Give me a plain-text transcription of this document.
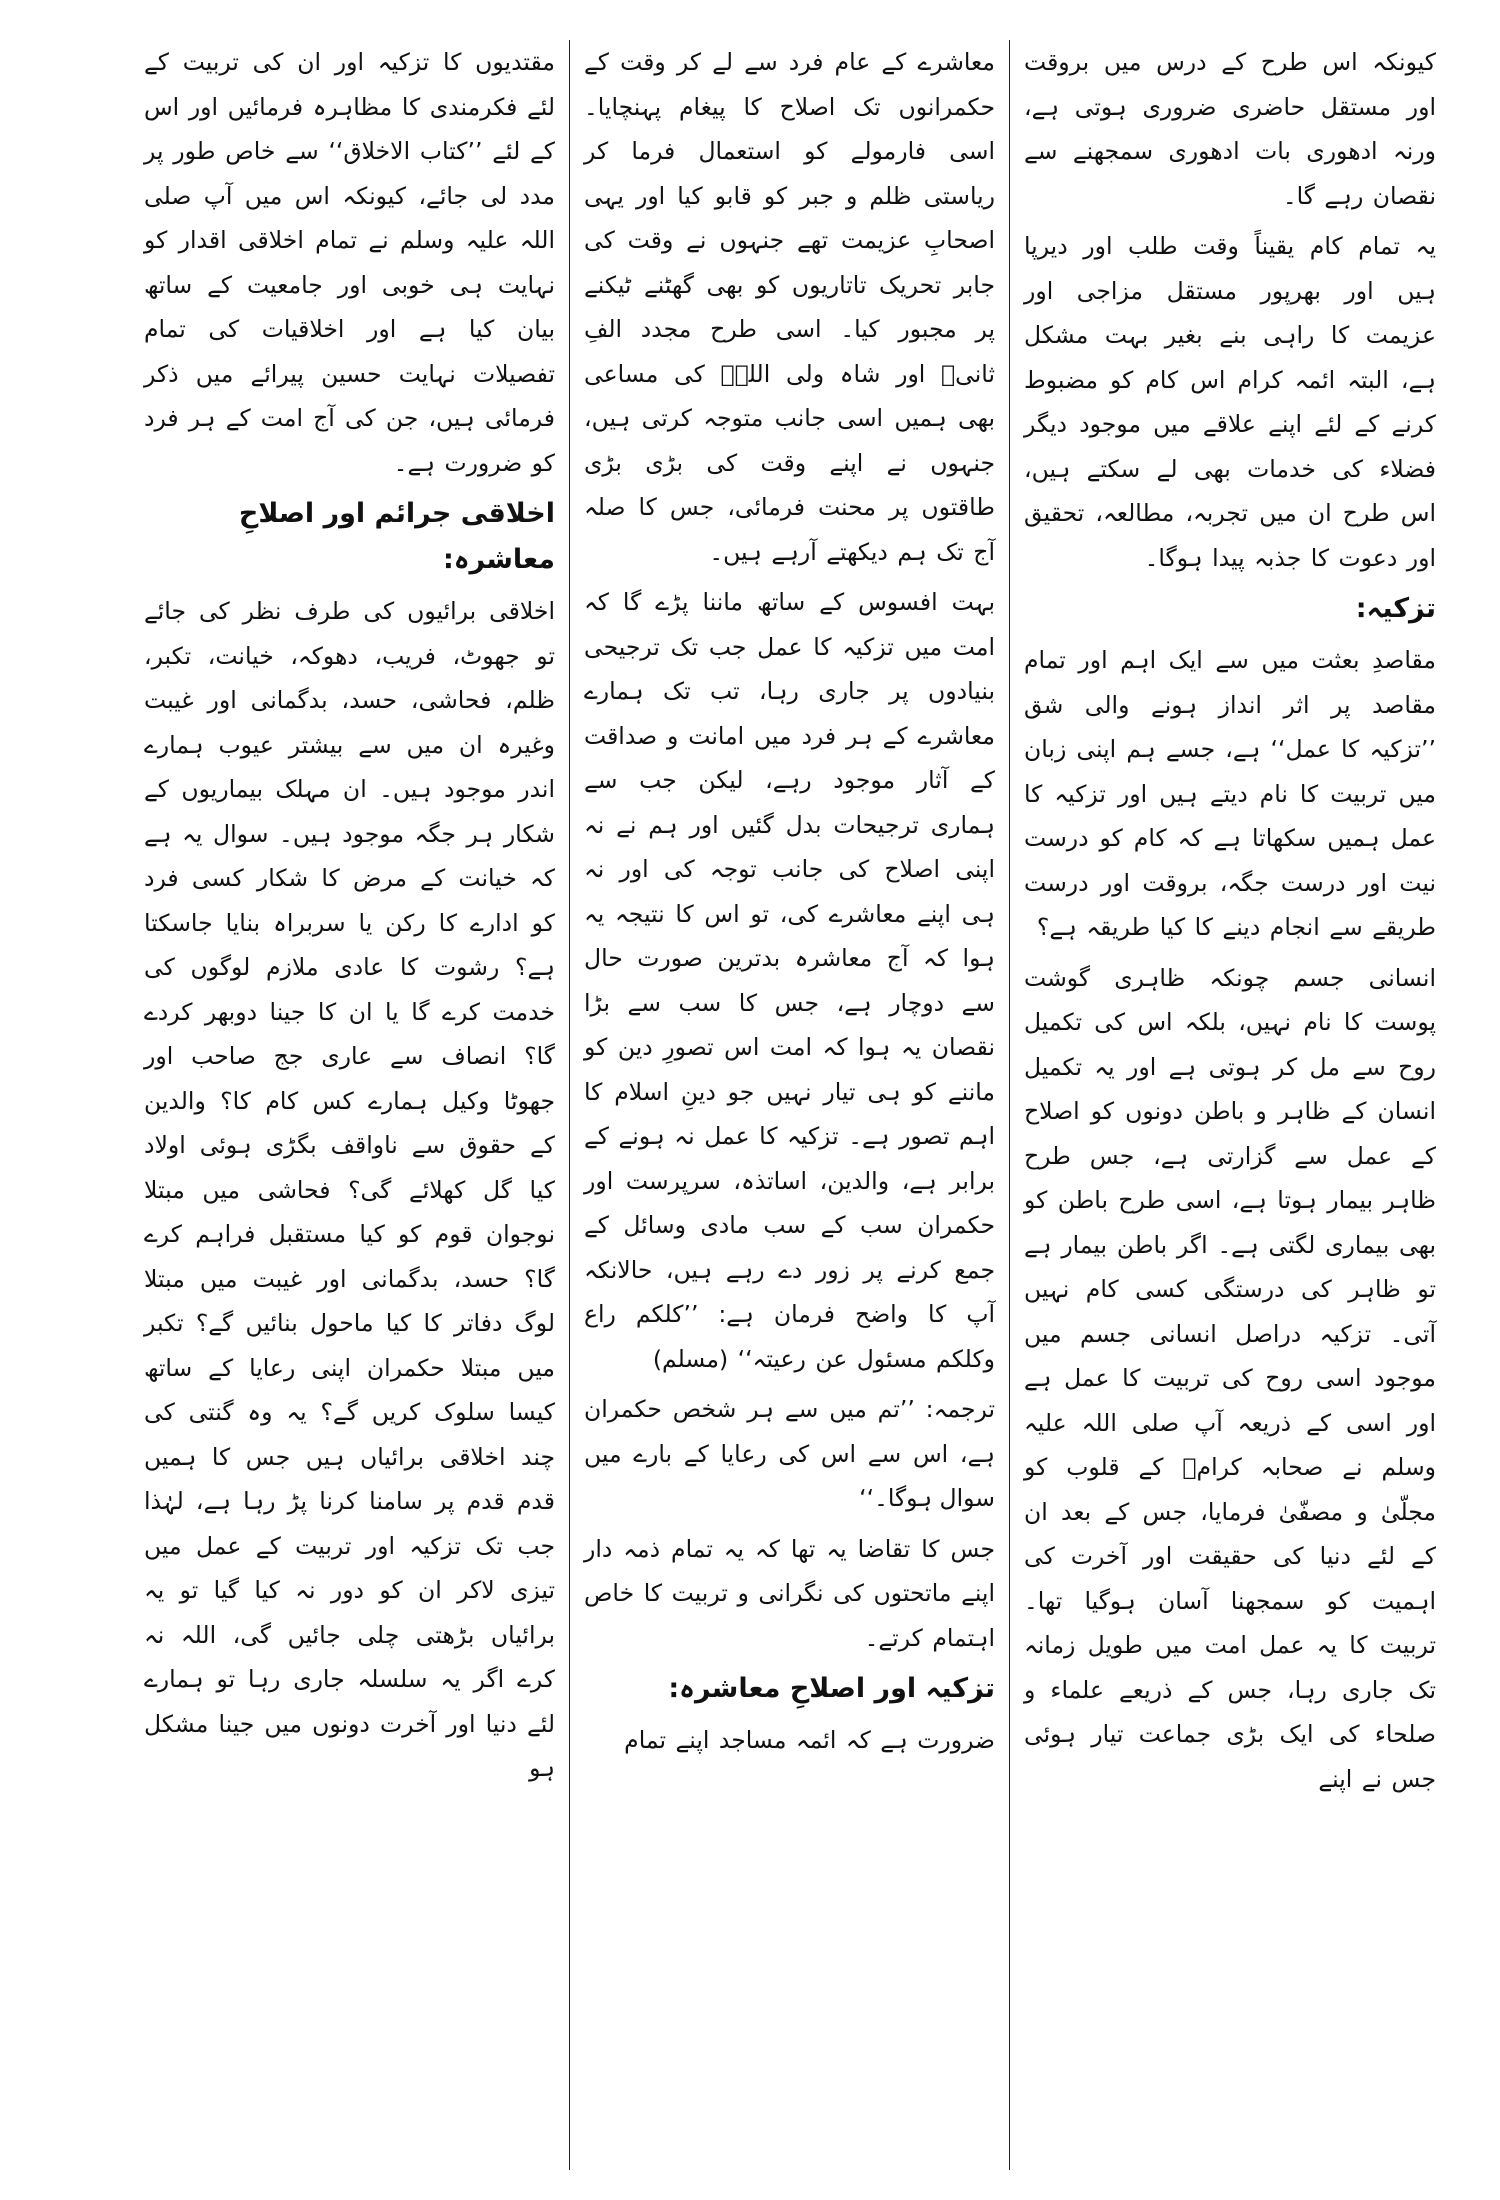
کیونکہ اس طرح کے درس میں بروقت اور مستقل حاضری ضروری ہوتی ہے، ورنہ ادھوری بات ادھوری سمجھنے سے نقصان رہے گا۔

یہ تمام کام یقیناً وقت طلب اور دیرپا ہیں اور بھرپور مستقل مزاجی اور عزیمت کا راہی بنے بغیر بہت مشکل ہے، البتہ ائمہ کرام اس کام کو مضبوط کرنے کے لئے اپنے علاقے میں موجود دیگر فضلاء کی خدمات بھی لے سکتے ہیں، اس طرح ان میں تجربہ، مطالعہ، تحقیق اور دعوت کا جذبہ پیدا ہوگا۔

تزکیہ:

مقاصدِ بعثت میں سے ایک اہم اور تمام مقاصد پر اثر انداز ہونے والی شق ’’تزکیہ کا عمل‘‘ ہے، جسے ہم اپنی زبان میں تربیت کا نام دیتے ہیں اور تزکیہ کا عمل ہمیں سکھاتا ہے کہ کام کو درست نیت اور درست جگہ، بروقت اور درست طریقے سے انجام دینے کا کیا طریقہ ہے؟

انسانی جسم چونکہ ظاہری گوشت پوست کا نام نہیں، بلکہ اس کی تکمیل روح سے مل کر ہوتی ہے اور یہ تکمیل انسان کے ظاہر و باطن دونوں کو اصلاح کے عمل سے گزارتی ہے، جس طرح ظاہر بیمار ہوتا ہے، اسی طرح باطن کو بھی بیماری لگتی ہے۔ اگر باطن بیمار ہے تو ظاہر کی درستگی کسی کام نہیں آتی۔ تزکیہ دراصل انسانی جسم میں موجود اسی روح کی تربیت کا عمل ہے اور اسی کے ذریعہ آپ صلی اللہ علیہ وسلم نے صحابہ کرامؓ کے قلوب کو مجلّیٰ و مصفّیٰ فرمایا، جس کے بعد ان کے لئے دنیا کی حقیقت اور آخرت کی اہمیت کو سمجھنا آسان ہوگیا تھا۔ تربیت کا یہ عمل امت میں طویل زمانہ تک جاری رہا، جس کے ذریعے علماء و صلحاء کی ایک بڑی جماعت تیار ہوئی جس نے اپنے

معاشرے کے عام فرد سے لے کر وقت کے حکمرانوں تک اصلاح کا پیغام پہنچایا۔ اسی فارمولے کو استعمال فرما کر ریاستی ظلم و جبر کو قابو کیا اور یہی اصحابِ عزیمت تھے جنہوں نے وقت کی جابر تحریک تاتاریوں کو بھی گھٹنے ٹیکنے پر مجبور کیا۔ اسی طرح مجدد الفِ ثانیؒ اور شاہ ولی اللہؒ کی مساعی بھی ہمیں اسی جانب متوجہ کرتی ہیں، جنہوں نے اپنے وقت کی بڑی بڑی طاقتوں پر محنت فرمائی، جس کا صلہ آج تک ہم دیکھتے آرہے ہیں۔

بہت افسوس کے ساتھ ماننا پڑے گا کہ امت میں تزکیہ کا عمل جب تک ترجیحی بنیادوں پر جاری رہا، تب تک ہمارے معاشرے کے ہر فرد میں امانت و صداقت کے آثار موجود رہے، لیکن جب سے ہماری ترجیحات بدل گئیں اور ہم نے نہ اپنی اصلاح کی جانب توجہ کی اور نہ ہی اپنے معاشرے کی، تو اس کا نتیجہ یہ ہوا کہ آج معاشرہ بدترین صورت حال سے دوچار ہے، جس کا سب سے بڑا نقصان یہ ہوا کہ امت اس تصورِ دین کو ماننے کو ہی تیار نہیں جو دینِ اسلام کا اہم تصور ہے۔ تزکیہ کا عمل نہ ہونے کے برابر ہے، والدین، اساتذہ، سرپرست اور حکمران سب کے سب مادی وسائل کے جمع کرنے پر زور دے رہے ہیں، حالانکہ آپ کا واضح فرمان ہے: ’’کلکم راع وکلکم مسئول عن رعیتہ‘‘ (مسلم)

ترجمہ: ’’تم میں سے ہر شخص حکمران ہے، اس سے اس کی رعایا کے بارے میں سوال ہوگا۔‘‘

جس کا تقاضا یہ تھا کہ یہ تمام ذمہ دار اپنے ماتحتوں کی نگرانی و تربیت کا خاص اہتمام کرتے۔

تزکیہ اور اصلاحِ معاشرہ:

ضرورت ہے کہ ائمہ مساجد اپنے تمام

مقتدیوں کا تزکیہ اور ان کی تربیت کے لئے فکرمندی کا مظاہرہ فرمائیں اور اس کے لئے ’’کتاب الاخلاق‘‘ سے خاص طور پر مدد لی جائے، کیونکہ اس میں آپ صلی اللہ علیہ وسلم نے تمام اخلاقی اقدار کو نہایت ہی خوبی اور جامعیت کے ساتھ بیان کیا ہے اور اخلاقیات کی تمام تفصیلات نہایت حسین پیرائے میں ذکر فرمائی ہیں، جن کی آج امت کے ہر فرد کو ضرورت ہے۔

اخلاقی جرائم اور اصلاحِ معاشرہ:

اخلاقی برائیوں کی طرف نظر کی جائے تو جھوٹ، فریب، دھوکہ، خیانت، تکبر، ظلم، فحاشی، حسد، بدگمانی اور غیبت وغیرہ ان میں سے بیشتر عیوب ہمارے اندر موجود ہیں۔ ان مہلک بیماریوں کے شکار ہر جگہ موجود ہیں۔ سوال یہ ہے کہ خیانت کے مرض کا شکار کسی فرد کو ادارے کا رکن یا سربراہ بنایا جاسکتا ہے؟ رشوت کا عادی ملازم لوگوں کی خدمت کرے گا یا ان کا جینا دوبھر کردے گا؟ انصاف سے عاری جج صاحب اور جھوٹا وکیل ہمارے کس کام کا؟ والدین کے حقوق سے ناواقف بگڑی ہوئی اولاد کیا گل کھلائے گی؟ فحاشی میں مبتلا نوجوان قوم کو کیا مستقبل فراہم کرے گا؟ حسد، بدگمانی اور غیبت میں مبتلا لوگ دفاتر کا کیا ماحول بنائیں گے؟ تکبر میں مبتلا حکمران اپنی رعایا کے ساتھ کیسا سلوک کریں گے؟ یہ وہ گنتی کی چند اخلاقی برائیاں ہیں جس کا ہمیں قدم قدم پر سامنا کرنا پڑ رہا ہے، لہٰذا جب تک تزکیہ اور تربیت کے عمل میں تیزی لاکر ان کو دور نہ کیا گیا تو یہ برائیاں بڑھتی چلی جائیں گی، اللہ نہ کرے اگر یہ سلسلہ جاری رہا تو ہمارے لئے دنیا اور آخرت دونوں میں جینا مشکل ہو
